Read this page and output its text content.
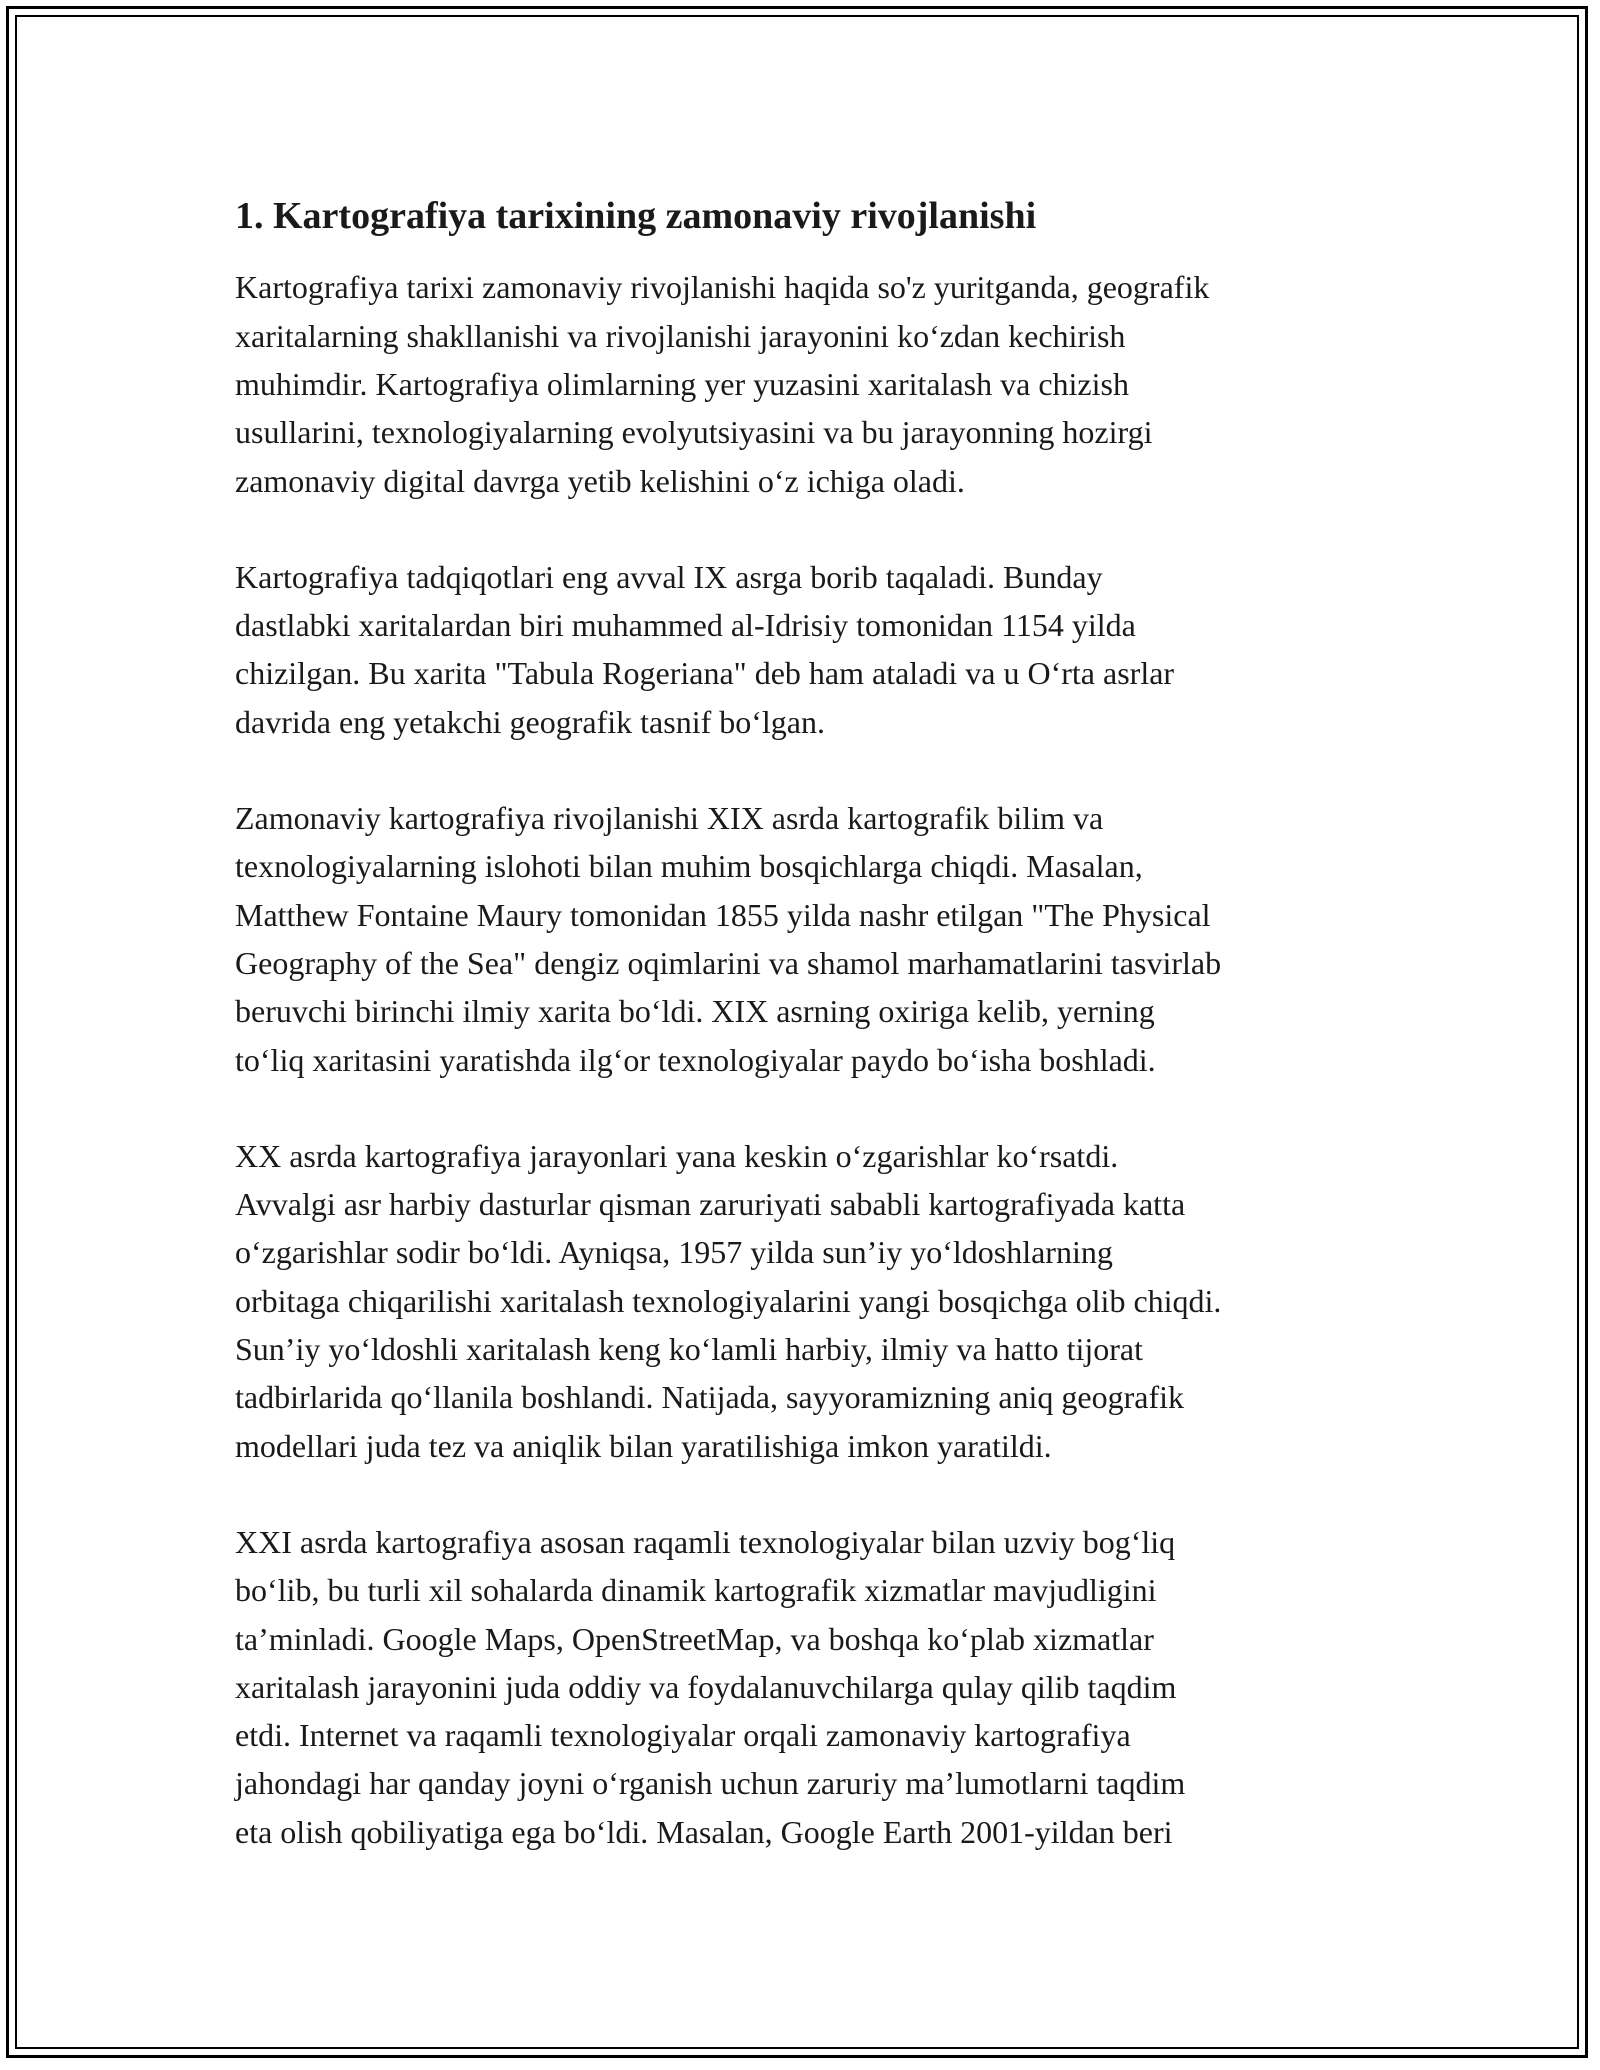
1. Kartografiya tarixining zamonaviy rivojlanishi
Kartografiya tarixi zamonaviy rivojlanishi haqida so'z yuritganda, geografik
xaritalarning shakllanishi va rivojlanishi jarayonini koʻzdan kechirish
muhimdir. Kartografiya olimlarning yer yuzasini xaritalash va chizish
usullarini, texnologiyalarning evolyutsiyasini va bu jarayonning hozirgi
zamonaviy digital davrga yetib kelishini oʻz ichiga oladi.
Kartografiya tadqiqotlari eng avval IX asrga borib taqaladi. Bunday
dastlabki xaritalardan biri muhammed al-Idrisiy tomonidan 1154 yilda
chizilgan. Bu xarita "Tabula Rogeriana" deb ham ataladi va u Oʻrta asrlar
davrida eng yetakchi geografik tasnif boʻlgan.
Zamonaviy kartografiya rivojlanishi XIX asrda kartografik bilim va
texnologiyalarning islohoti bilan muhim bosqichlarga chiqdi. Masalan,
Matthew Fontaine Maury tomonidan 1855 yilda nashr etilgan "The Physical
Geography of the Sea" dengiz oqimlarini va shamol marhamatlarini tasvirlab
beruvchi birinchi ilmiy xarita boʻldi. XIX asrning oxiriga kelib, yerning
toʻliq xaritasini yaratishda ilgʻor texnologiyalar paydo boʻisha boshladi.
XX asrda kartografiya jarayonlari yana keskin oʻzgarishlar koʻrsatdi.
Avvalgi asr harbiy dasturlar qisman zaruriyati sababli kartografiyada katta
oʻzgarishlar sodir boʻldi. Ayniqsa, 1957 yilda sun’iy yoʻldoshlarning
orbitaga chiqarilishi xaritalash texnologiyalarini yangi bosqichga olib chiqdi.
Sun’iy yoʻldoshli xaritalash keng koʻlamli harbiy, ilmiy va hatto tijorat
tadbirlarida qoʻllanila boshlandi. Natijada, sayyoramizning aniq geografik
modellari juda tez va aniqlik bilan yaratilishiga imkon yaratildi.
XXI asrda kartografiya asosan raqamli texnologiyalar bilan uzviy bogʻliq
boʻlib, bu turli xil sohalarda dinamik kartografik xizmatlar mavjudligini
ta’minladi. Google Maps, OpenStreetMap, va boshqa koʻplab xizmatlar
xaritalash jarayonini juda oddiy va foydalanuvchilarga qulay qilib taqdim
etdi. Internet va raqamli texnologiyalar orqali zamonaviy kartografiya
jahondagi har qanday joyni oʻrganish uchun zaruriy ma’lumotlarni taqdim
eta olish qobiliyatiga ega boʻldi. Masalan, Google Earth 2001-yildan beri
